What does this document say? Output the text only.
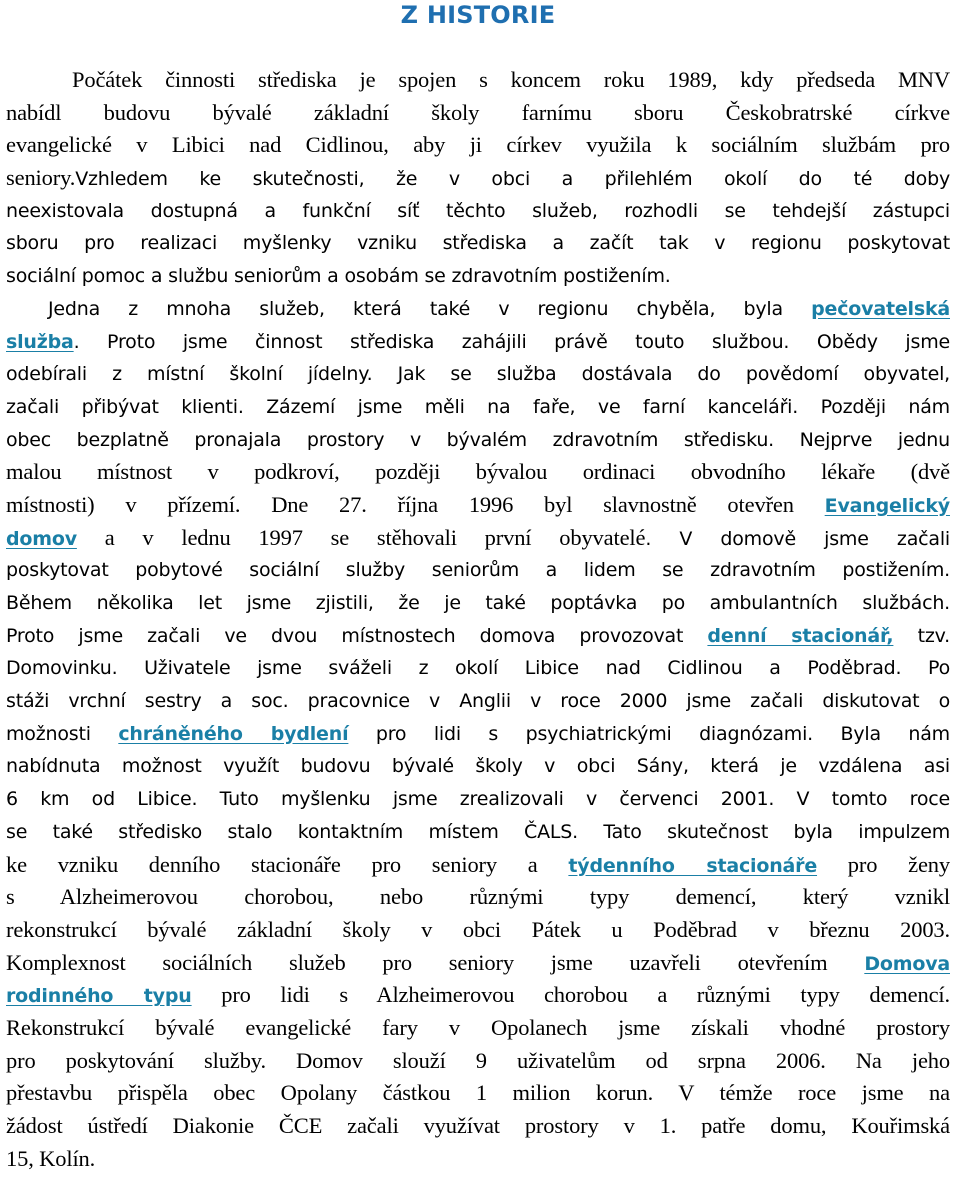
Z HISTORIE
Počátek činnosti střediska je spojen s koncem roku 1989, kdy předseda MNV
nabídl budovu bývalé základní školy farnímu sboru Českobratrské církve
evangelické v Libici nad Cidlinou, aby ji církev využila k sociálním službám pro
seniory.Vzhledem ke skutečnosti, že v obci a přilehlém okolí do té doby
neexistovala dostupná a funkční síť těchto služeb, rozhodli se tehdejší zástupci
sboru pro realizaci myšlenky vzniku střediska a začít tak v regionu poskytovat
sociální pomoc a službu seniorům a osobám se zdravotním postižením.
Jedna z mnoha služeb, která také v regionu chyběla, byla pečovatelská
služba. Proto jsme činnost střediska zahájili právě touto službou. Obědy jsme
odebírali z místní školní jídelny. Jak se služba dostávala do povědomí obyvatel,
začali přibývat klienti. Zázemí jsme měli na faře, ve farní kanceláři. Později nám
obec bezplatně pronajala prostory v bývalém zdravotním středisku. Nejprve jednu
malou místnost v podkroví, později bývalou ordinaci obvodního lékaře (dvě
místnosti) v přízemí. Dne 27. října 1996 byl slavnostně otevřen Evangelický
domov a v lednu 1997 se stěhovali první obyvatelé. V domově jsme začali
poskytovat pobytové sociální služby seniorům a lidem se zdravotním postižením.
Během několika let jsme zjistili, že je také poptávka po ambulantních službách.
Proto jsme začali ve dvou místnostech domova provozovat denní stacionář, tzv.
Domovinku. Uživatele jsme sváželi z okolí Libice nad Cidlinou a Poděbrad. Po
stáži vrchní sestry a soc. pracovnice v Anglii v roce 2000 jsme začali diskutovat o
možnosti chráněného bydlení pro lidi s psychiatrickými diagnózami. Byla nám
nabídnuta možnost využít budovu bývalé školy v obci Sány, která je vzdálena asi
6 km od Libice. Tuto myšlenku jsme zrealizovali v červenci 2001. V tomto roce
se také středisko stalo kontaktním místem ČALS. Tato skutečnost byla impulzem
ke vzniku denního stacionáře pro seniory a týdenního stacionáře pro ženy
s Alzheimerovou chorobou, nebo různými typy demencí, který vznikl
rekonstrukcí bývalé základní školy v obci Pátek u Poděbrad v březnu 2003.
Komplexnost sociálních služeb pro seniory jsme uzavřeli otevřením Domova
rodinného typu pro lidi s Alzheimerovou chorobou a různými typy demencí.
Rekonstrukcí bývalé evangelické fary v Opolanech jsme získali vhodné prostory
pro poskytování služby. Domov slouží 9 uživatelům od srpna 2006. Na jeho
přestavbu přispěla obec Opolany částkou 1 milion korun. V témže roce jsme na
žádost ústředí Diakonie ČCE začali využívat prostory v 1. patře domu, Kouřimská
15, Kolín.
